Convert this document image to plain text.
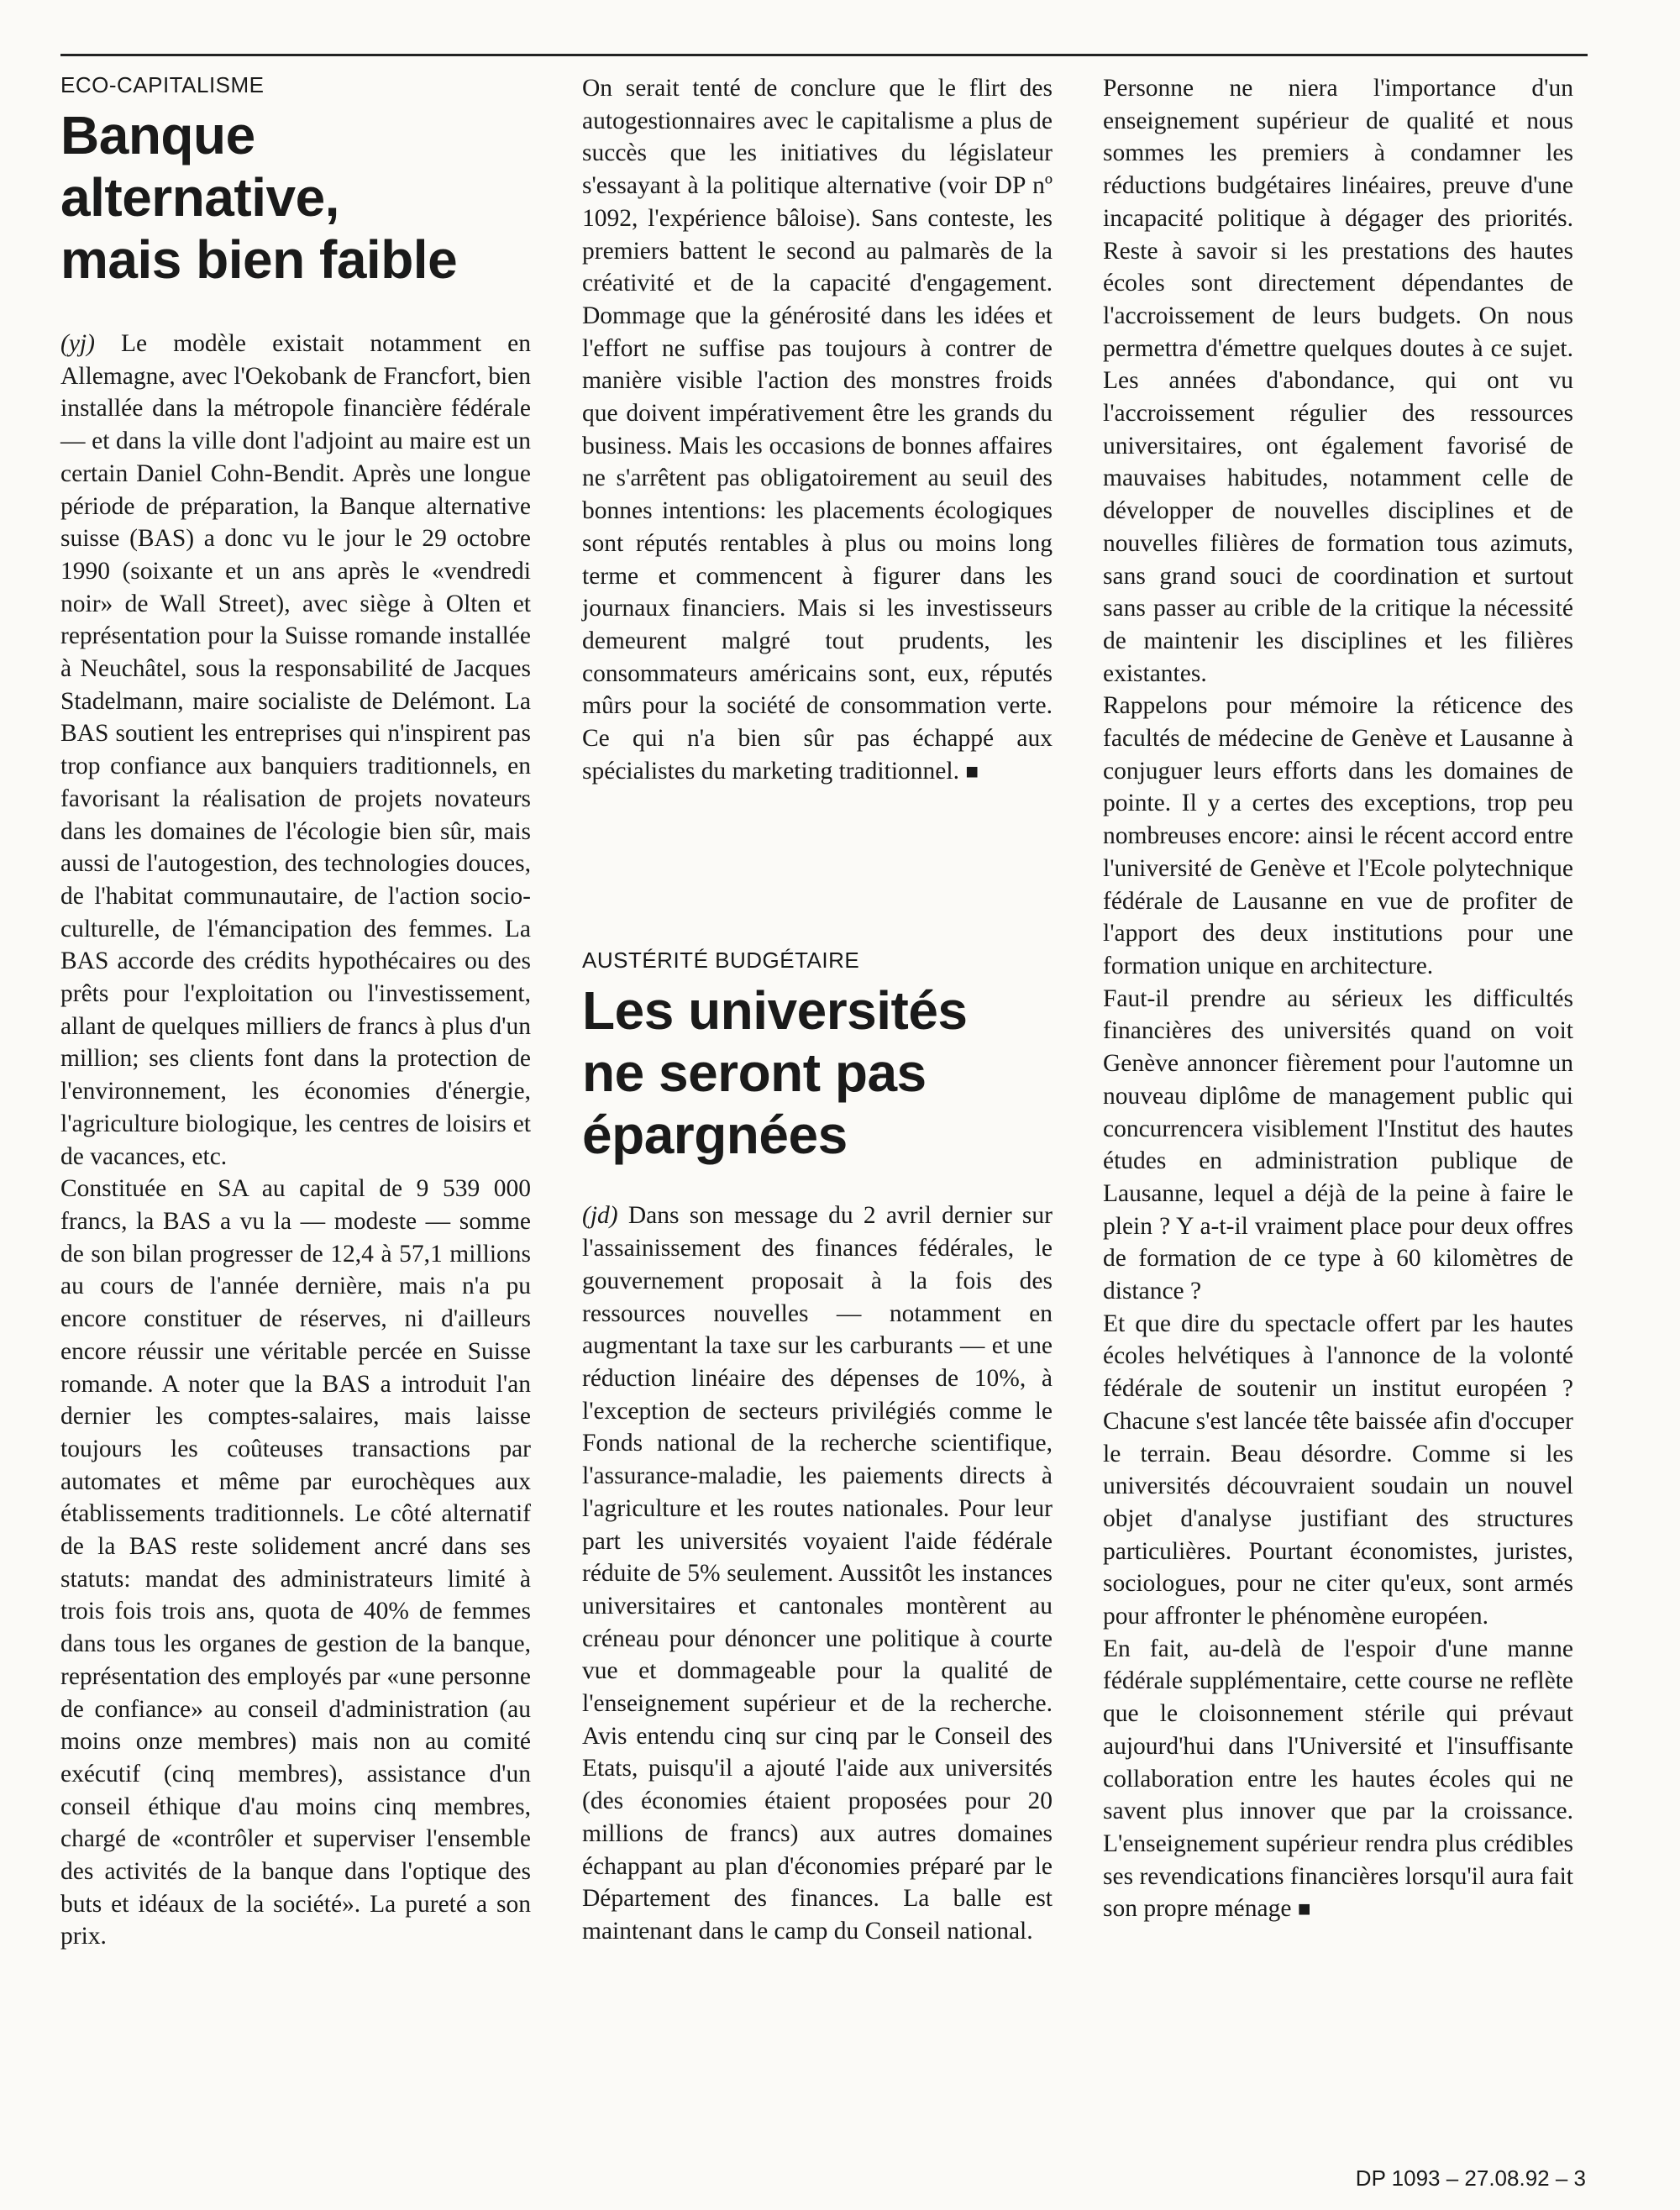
ECO-CAPITALISME
Banque alternative,
mais bien faible

(yj) Le modèle existait notamment en Allemagne, avec l'Oekobank de Francfort, bien installée dans la métropole financière fédérale — et dans la ville dont l'adjoint au maire est un certain Daniel Cohn-Bendit. Après une longue période de préparation, la Banque alternative suisse (BAS) a donc vu le jour le 29 octobre 1990 (soixante et un ans après le «vendredi noir» de Wall Street), avec siège à Olten et représentation pour la Suisse romande installée à Neuchâtel, sous la responsabilité de Jacques Stadelmann, maire socialiste de Delémont. La BAS soutient les entreprises qui n'inspirent pas trop confiance aux banquiers traditionnels, en favorisant la réalisation de projets novateurs dans les domaines de l'écologie bien sûr, mais aussi de l'autogestion, des technologies douces, de l'habitat communautaire, de l'action socio-culturelle, de l'émancipation des femmes. La BAS accorde des crédits hypothécaires ou des prêts pour l'exploitation ou l'investissement, allant de quelques milliers de francs à plus d'un million; ses clients font dans la protection de l'environnement, les économies d'énergie, l'agriculture biologique, les centres de loisirs et de vacances, etc.

Constituée en SA au capital de 9 539 000 francs, la BAS a vu la — modeste — somme de son bilan progresser de 12,4 à 57,1 millions au cours de l'année dernière, mais n'a pu encore constituer de réserves, ni d'ailleurs encore réussir une véritable percée en Suisse romande. A noter que la BAS a introduit l'an dernier les comptes-salaires, mais laisse toujours les coûteuses transactions par automates et même par eurochèques aux établissements traditionnels. Le côté alternatif de la BAS reste solidement ancré dans ses statuts: mandat des administrateurs limité à trois fois trois ans, quota de 40% de femmes dans tous les organes de gestion de la banque, représentation des employés par «une personne de confiance» au conseil d'administration (au moins onze membres) mais non au comité exécutif (cinq membres), assistance d'un conseil éthique d'au moins cinq membres, chargé de «contrôler et superviser l'ensemble des activités de la banque dans l'optique des buts et idéaux de la société». La pureté a son prix.

On serait tenté de conclure que le flirt des autogestionnaires avec le capitalisme a plus de succès que les initiatives du législateur s'essayant à la politique alternative (voir DP nº 1092, l'expérience bâloise). Sans conteste, les premiers battent le second au palmarès de la créativité et de la capacité d'engagement. Dommage que la générosité dans les idées et l'effort ne suffise pas toujours à contrer de manière visible l'action des monstres froids que doivent impérativement être les grands du business. Mais les occasions de bonnes affaires ne s'arrêtent pas obligatoirement au seuil des bonnes intentions: les placements écologiques sont réputés rentables à plus ou moins long terme et commencent à figurer dans les journaux financiers. Mais si les investisseurs demeurent malgré tout prudents, les consommateurs américains sont, eux, réputés mûrs pour la société de consommation verte. Ce qui n'a bien sûr pas échappé aux spécialistes du marketing traditionnel. ■

AUSTÉRITÉ BUDGÉTAIRE
Les universités
ne seront pas
épargnées

(jd) Dans son message du 2 avril dernier sur l'assainissement des finances fédérales, le gouvernement proposait à la fois des ressources nouvelles — notamment en augmentant la taxe sur les carburants — et une réduction linéaire des dépenses de 10%, à l'exception de secteurs privilégiés comme le Fonds national de la recherche scientifique, l'assurance-maladie, les paiements directs à l'agriculture et les routes nationales. Pour leur part les universités voyaient l'aide fédérale réduite de 5% seulement. Aussitôt les instances universitaires et cantonales montèrent au créneau pour dénoncer une politique à courte vue et dommageable pour la qualité de l'enseignement supérieur et de la recherche. Avis entendu cinq sur cinq par le Conseil des Etats, puisqu'il a ajouté l'aide aux universités (des économies étaient proposées pour 20 millions de francs) aux autres domaines échappant au plan d'économies préparé par le Département des finances. La balle est maintenant dans le camp du Conseil national.

Personne ne niera l'importance d'un enseignement supérieur de qualité et nous sommes les premiers à condamner les réductions budgétaires linéaires, preuve d'une incapacité politique à dégager des priorités. Reste à savoir si les prestations des hautes écoles sont directement dépendantes de l'accroissement de leurs budgets. On nous permettra d'émettre quelques doutes à ce sujet. Les années d'abondance, qui ont vu l'accroissement régulier des ressources universitaires, ont également favorisé de mauvaises habitudes, notamment celle de développer de nouvelles disciplines et de nouvelles filières de formation tous azimuts, sans grand souci de coordination et surtout sans passer au crible de la critique la nécessité de maintenir les disciplines et les filières existantes.

Rappelons pour mémoire la réticence des facultés de médecine de Genève et Lausanne à conjuguer leurs efforts dans les domaines de pointe. Il y a certes des exceptions, trop peu nombreuses encore: ainsi le récent accord entre l'université de Genève et l'Ecole polytechnique fédérale de Lausanne en vue de profiter de l'apport des deux institutions pour une formation unique en architecture.

Faut-il prendre au sérieux les difficultés financières des universités quand on voit Genève annoncer fièrement pour l'automne un nouveau diplôme de management public qui concurrencera visiblement l'Institut des hautes études en administration publique de Lausanne, lequel a déjà de la peine à faire le plein ? Y a-t-il vraiment place pour deux offres de formation de ce type à 60 kilomètres de distance ?

Et que dire du spectacle offert par les hautes écoles helvétiques à l'annonce de la volonté fédérale de soutenir un institut européen ? Chacune s'est lancée tête baissée afin d'occuper le terrain. Beau désordre. Comme si les universités découvraient soudain un nouvel objet d'analyse justifiant des structures particulières. Pourtant économistes, juristes, sociologues, pour ne citer qu'eux, sont armés pour affronter le phénomène européen.

En fait, au-delà de l'espoir d'une manne fédérale supplémentaire, cette course ne reflète que le cloisonnement stérile qui prévaut aujourd'hui dans l'Université et l'insuffisante collaboration entre les hautes écoles qui ne savent plus innover que par la croissance. L'enseignement supérieur rendra plus crédibles ses revendications financières lorsqu'il aura fait son propre ménage ■

DP 1093 – 27.08.92 – 3
